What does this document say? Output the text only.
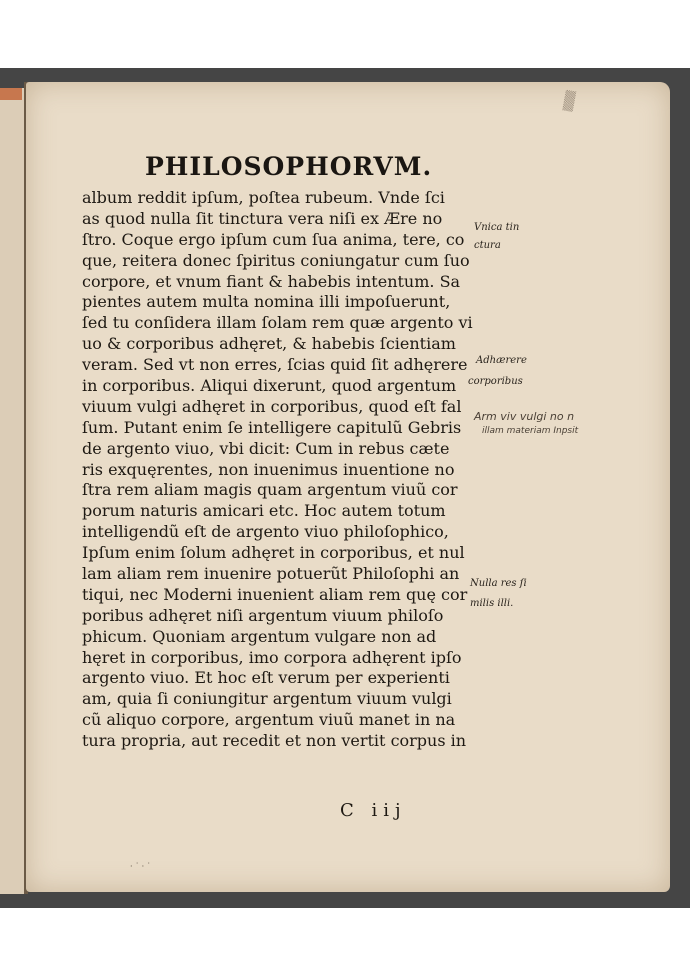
▒▒▒
PHILOSOPHORVM.
album reddit ipſum, poſtea rubeum. Vnde ſci
as quod nulla ſit tinctura vera niſi ex Ære no
ſtro. Coque ergo ipſum cum ſua anima, tere, co
que, reitera donec ſpiritus coniungatur cum ſuo
corpore, et vnum fiant & habebis intentum. Sa
pientes autem multa nomina illi impoſuerunt,
ſed tu conſidera illam ſolam rem quæ argento vi
uo & corporibus adhęret, & habebis ſcientiam
veram. Sed vt non erres, ſcias quid ſit adhęrere
in corporibus. Aliqui dixerunt, quod argentum
viuum vulgi adhęret in corporibus, quod eſt fal
ſum. Putant enim ſe intelligere capitulũ Gebris
de argento viuo, vbi dicit: Cum in rebus cæte
ris exquęrentes, non inuenimus inuentione no
ſtra rem aliam magis quam argentum viuũ cor
porum naturis amicari etc. Hoc autem totum
intelligendũ eſt de argento viuo philoſophico,
Ipſum enim ſolum adhęret in corporibus, et nul
lam aliam rem inuenire potuerũt Philoſophi an
tiqui, nec Moderni inuenient aliam rem quę cor
poribus adhęret niſi argentum viuum philoſo
phicum. Quoniam argentum vulgare non ad
hęret in corporibus, imo corpora adhęrent ipſo
argento viuo. Et hoc eſt verum per experienti
am, quia ſi coniungitur argentum viuum vulgi
cũ aliquo corpore, argentum viuũ manet in na
tura propria, aut recedit et non vertit corpus in
Vnica tin
ctura
Adhærere
corporibus
Arm viv vulgi no n
illam materiam Inpsit
Nulla res ſi
milis illi.
· ˙ · ˙
C iij
